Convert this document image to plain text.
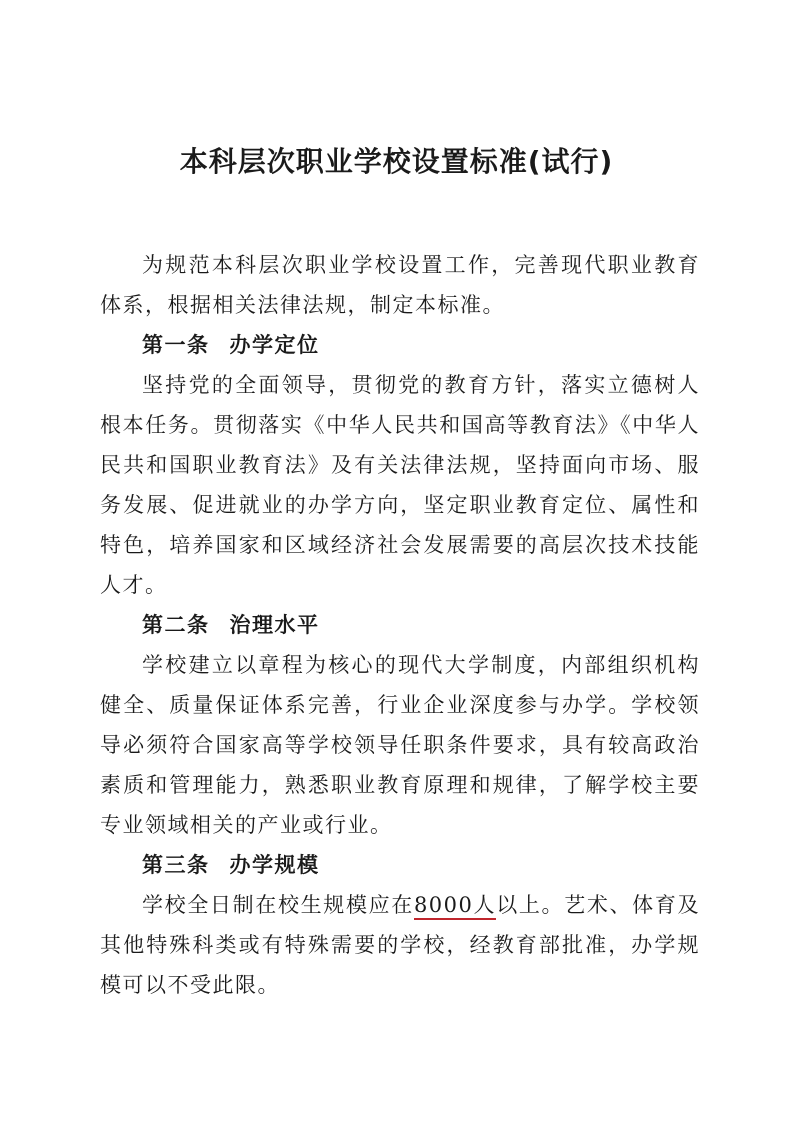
本科层次职业学校设置标准(试行)

为规范本科层次职业学校设置工作，完善现代职业教育体系，根据相关法律法规，制定本标准。

第一条 办学定位

坚持党的全面领导，贯彻党的教育方针，落实立德树人根本任务。贯彻落实《中华人民共和国高等教育法》《中华人民共和国职业教育法》及有关法律法规，坚持面向市场、服务发展、促进就业的办学方向，坚定职业教育定位、属性和特色，培养国家和区域经济社会发展需要的高层次技术技能人才。

第二条 治理水平

学校建立以章程为核心的现代大学制度，内部组织机构健全、质量保证体系完善，行业企业深度参与办学。学校领导必须符合国家高等学校领导任职条件要求，具有较高政治素质和管理能力，熟悉职业教育原理和规律，了解学校主要专业领域相关的产业或行业。

第三条 办学规模

学校全日制在校生规模应在8000人以上。艺术、体育及其他特殊科类或有特殊需要的学校，经教育部批准，办学规模可以不受此限。
